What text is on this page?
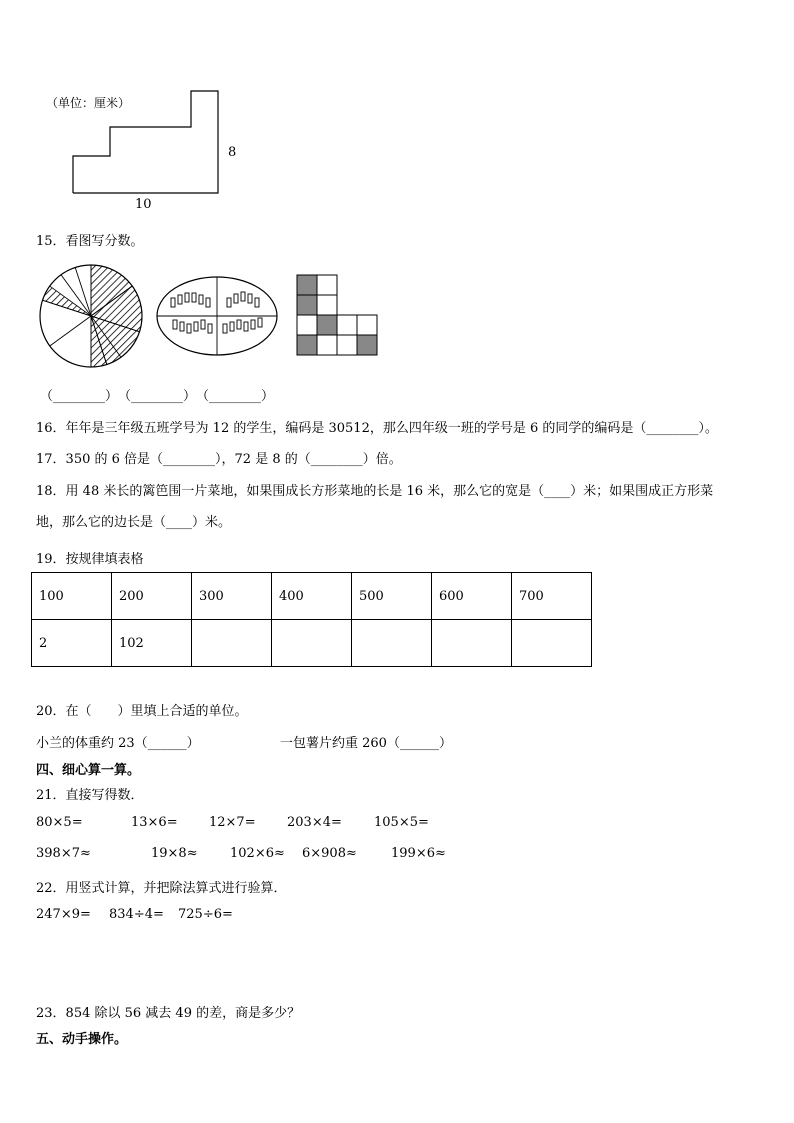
（单位：厘米）
8
10
15．看图写分数。
（________） （________） （________）
16．年年是三年级五班学号为 12 的学生，编码是 30512，那么四年级一班的学号是 6 的同学的编码是（________）。
17．350 的 6 倍是（________），72 是 8 的（________）倍。
18．用 48 米长的篱笆围一片菜地，如果围成长方形菜地的长是 16 米，那么它的宽是（____）米；如果围成正方形菜
地，那么它的边长是（____）米。
19．按规律填表格
100	200	300	400	500	600	700
2	102					
20．在（　　）里填上合适的单位。
小兰的体重约 23（______）	一包薯片约重 260（______）
四、细心算一算。
21．直接写得数．
80×5=	13×6= 12×7= 203×4= 105×5=
398×7≈	19×8≈ 102×6≈ 6×908≈	199×6≈
22．用竖式计算，并把除法算式进行验算．
247×9= 834÷4= 725÷6=
23．854 除以 56 减去 49 的差，商是多少？
五、动手操作。
